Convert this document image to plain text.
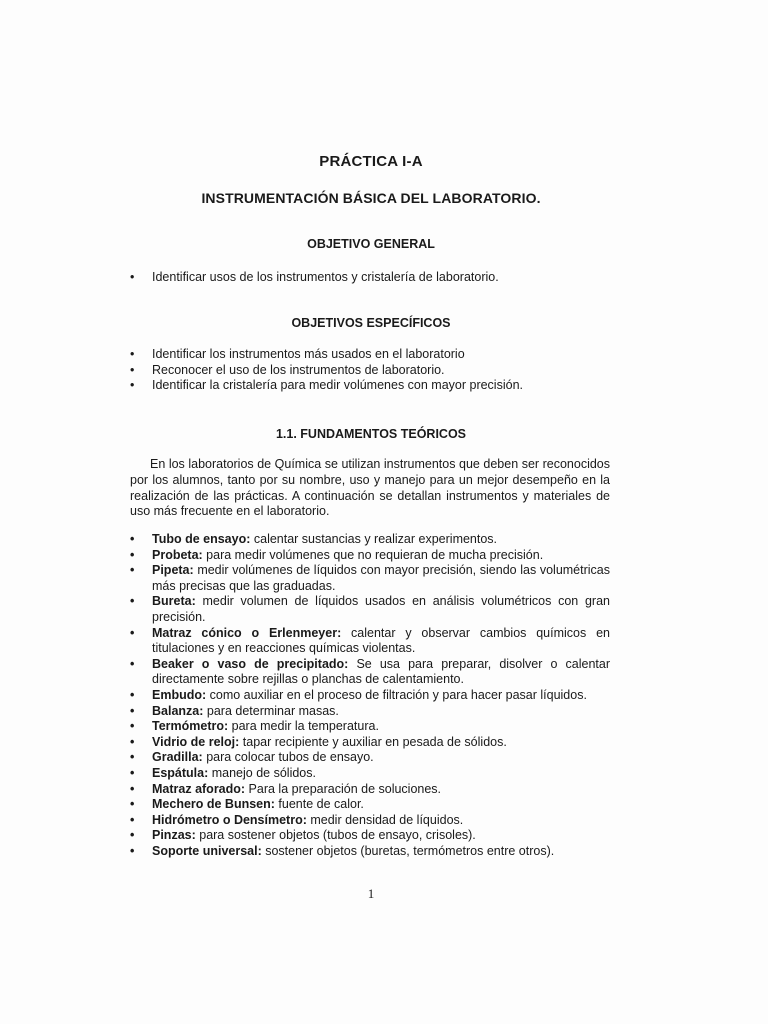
PRÁCTICA I-A
INSTRUMENTACIÓN BÁSICA DEL LABORATORIO.
OBJETIVO GENERAL
• Identificar usos de los instrumentos y cristalería de laboratorio.
OBJETIVOS ESPECÍFICOS
• Identificar los instrumentos más usados en el laboratorio
• Reconocer el uso de los instrumentos de laboratorio.
• Identificar la cristalería para medir volúmenes con mayor precisión.
1.1. FUNDAMENTOS TEÓRICOS

En los laboratorios de Química se utilizan instrumentos que deben ser reconocidos por los alumnos, tanto por su nombre, uso y manejo para un mejor desempeño en la realización de las prácticas. A continuación se detallan instrumentos y materiales de uso más frecuente en el laboratorio.

• Tubo de ensayo: calentar sustancias y realizar experimentos.
• Probeta: para medir volúmenes que no requieran de mucha precisión.
• Pipeta: medir volúmenes de líquidos con mayor precisión, siendo las volumétricas más precisas que las graduadas.
• Bureta: medir volumen de líquidos usados en análisis volumétricos con gran precisión.
• Matraz cónico o Erlenmeyer: calentar y observar cambios químicos en titulaciones y en reacciones químicas violentas.
• Beaker o vaso de precipitado: Se usa para preparar, disolver o calentar directamente sobre rejillas o planchas de calentamiento.
• Embudo: como auxiliar en el proceso de filtración y para hacer pasar líquidos.
• Balanza: para determinar masas.
• Termómetro: para medir la temperatura.
• Vidrio de reloj: tapar recipiente y auxiliar en pesada de sólidos.
• Gradilla: para colocar tubos de ensayo.
• Espátula: manejo de sólidos.
• Matraz aforado: Para la preparación de soluciones.
• Mechero de Bunsen: fuente de calor.
• Hidrómetro o Densímetro: medir densidad de líquidos.
• Pinzas: para sostener objetos (tubos de ensayo, crisoles).
• Soporte universal: sostener objetos (buretas, termómetros entre otros).

1
